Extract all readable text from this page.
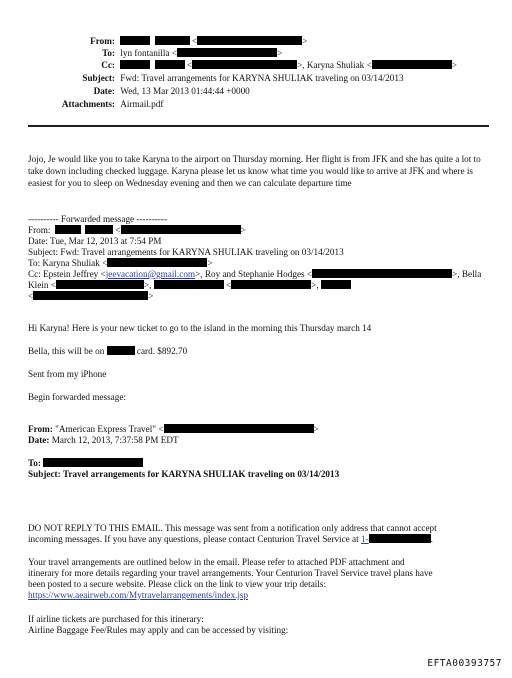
From:	<	>
To: lyn fontanilla <	>
Cc:	<	>, Karyna Shuliak <	>
Subject: Fwd: Travel arrangements for KARYNA SHULIAK traveling on 03/14/2013
Date: Wed, 13 Mar 2013 01:44:44 +0000
Attachments: Airmail.pdf
Jojo, Je would like you to take Karyna to the airport on Thursday morning. Her flight is from JFK and she has quite a lot to take down including checked luggage. Karyna please let us know what time you would like to arrive at JFK and where is easiest for you to sleep on Wednesday evening and then we can calculate departure time
---------- Forwarded message ----------
From:	<	>
Date: Tue, Mar 12, 2013 at 7:54 PM
Subject: Fwd: Travel arrangements for KARYNA SHULIAK traveling on 03/14/2013
To: Karyna Shuliak <	>
Cc: Epstein Jeffrey <jeevacation@gmail.com>, Roy and Stephanie Hodges <	>, Bella
Klein <	>,	<	>,
<	>
Hi Karyna! Here is your new ticket to go to the island in the morning this Thursday march 14
Bella, this will be on	card. $892.70
Sent from my iPhone
Begin forwarded message:
From: "American Express Travel" <	>
Date: March 12, 2013, 7:37:58 PM EDT
To:
Subject: Travel arrangements for KARYNA SHULIAK traveling on 03/14/2013
DO NOT REPLY TO THIS EMAIL. This message was sent from a notification only address that cannot accept
incoming messages. If you have any questions, please contact Centurion Travel Service at 1-	.
Your travel arrangements are outlined below in the email. Please refer to attached PDF attachment and
itinerary for more details regarding your travel arrangements. Your Centurion Travel Service travel plans have
been posted to a secure website. Please click on the link to view your trip details:
https://www.aeairweb.com/Mytravelarrangements/index.jsp
If airline tickets are purchased for this itinerary:
Airline Baggage Fee/Rules may apply and can be accessed by visiting:
EFTA00393757
